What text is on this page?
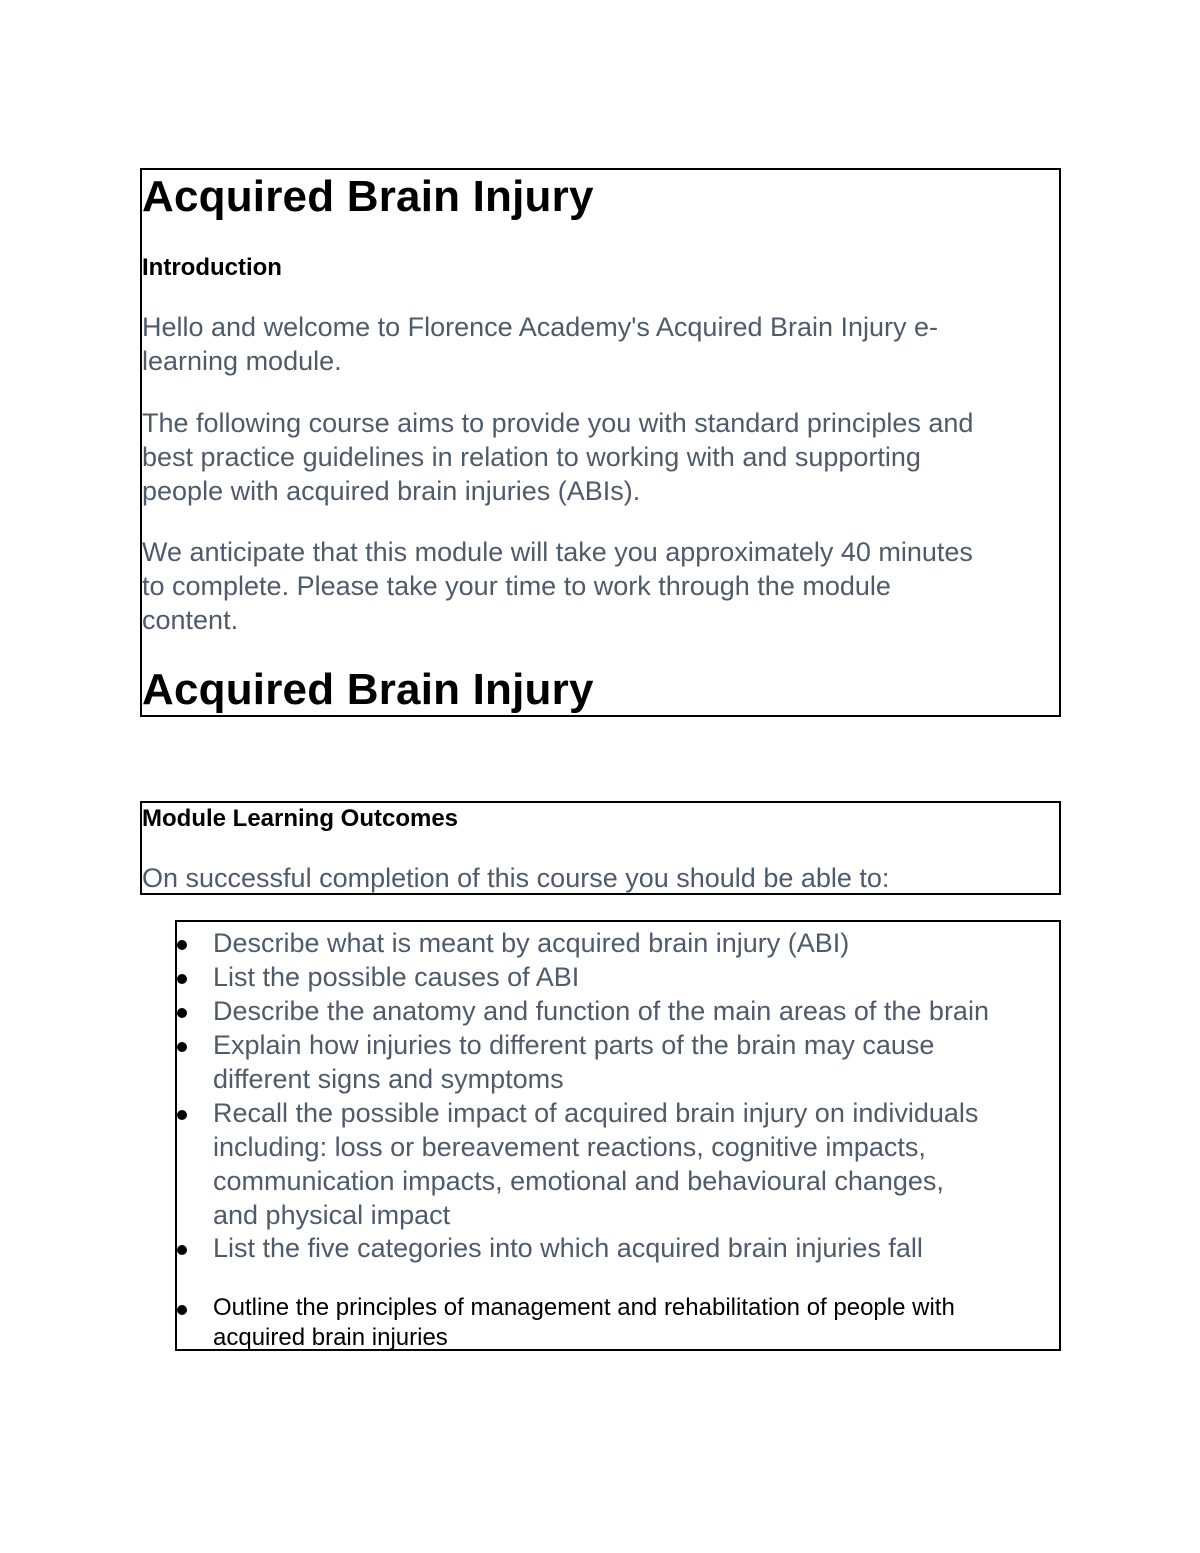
Acquired Brain Injury
Introduction
Hello and welcome to Florence Academy's Acquired Brain Injury e-
learning module.
The following course aims to provide you with standard principles and
best practice guidelines in relation to working with and supporting
people with acquired brain injuries (ABIs).
We anticipate that this module will take you approximately 40 minutes
to complete. Please take your time to work through the module
content.
Acquired Brain Injury
Module Learning Outcomes
On successful completion of this course you should be able to:
Describe what is meant by acquired brain injury (ABI)
List the possible causes of ABI
Describe the anatomy and function of the main areas of the brain
Explain how injuries to different parts of the brain may cause
different signs and symptoms
Recall the possible impact of acquired brain injury on individuals
including: loss or bereavement reactions, cognitive impacts,
communication impacts, emotional and behavioural changes,
and physical impact
List the five categories into which acquired brain injuries fall
Outline the principles of management and rehabilitation of people with
acquired brain injuries
